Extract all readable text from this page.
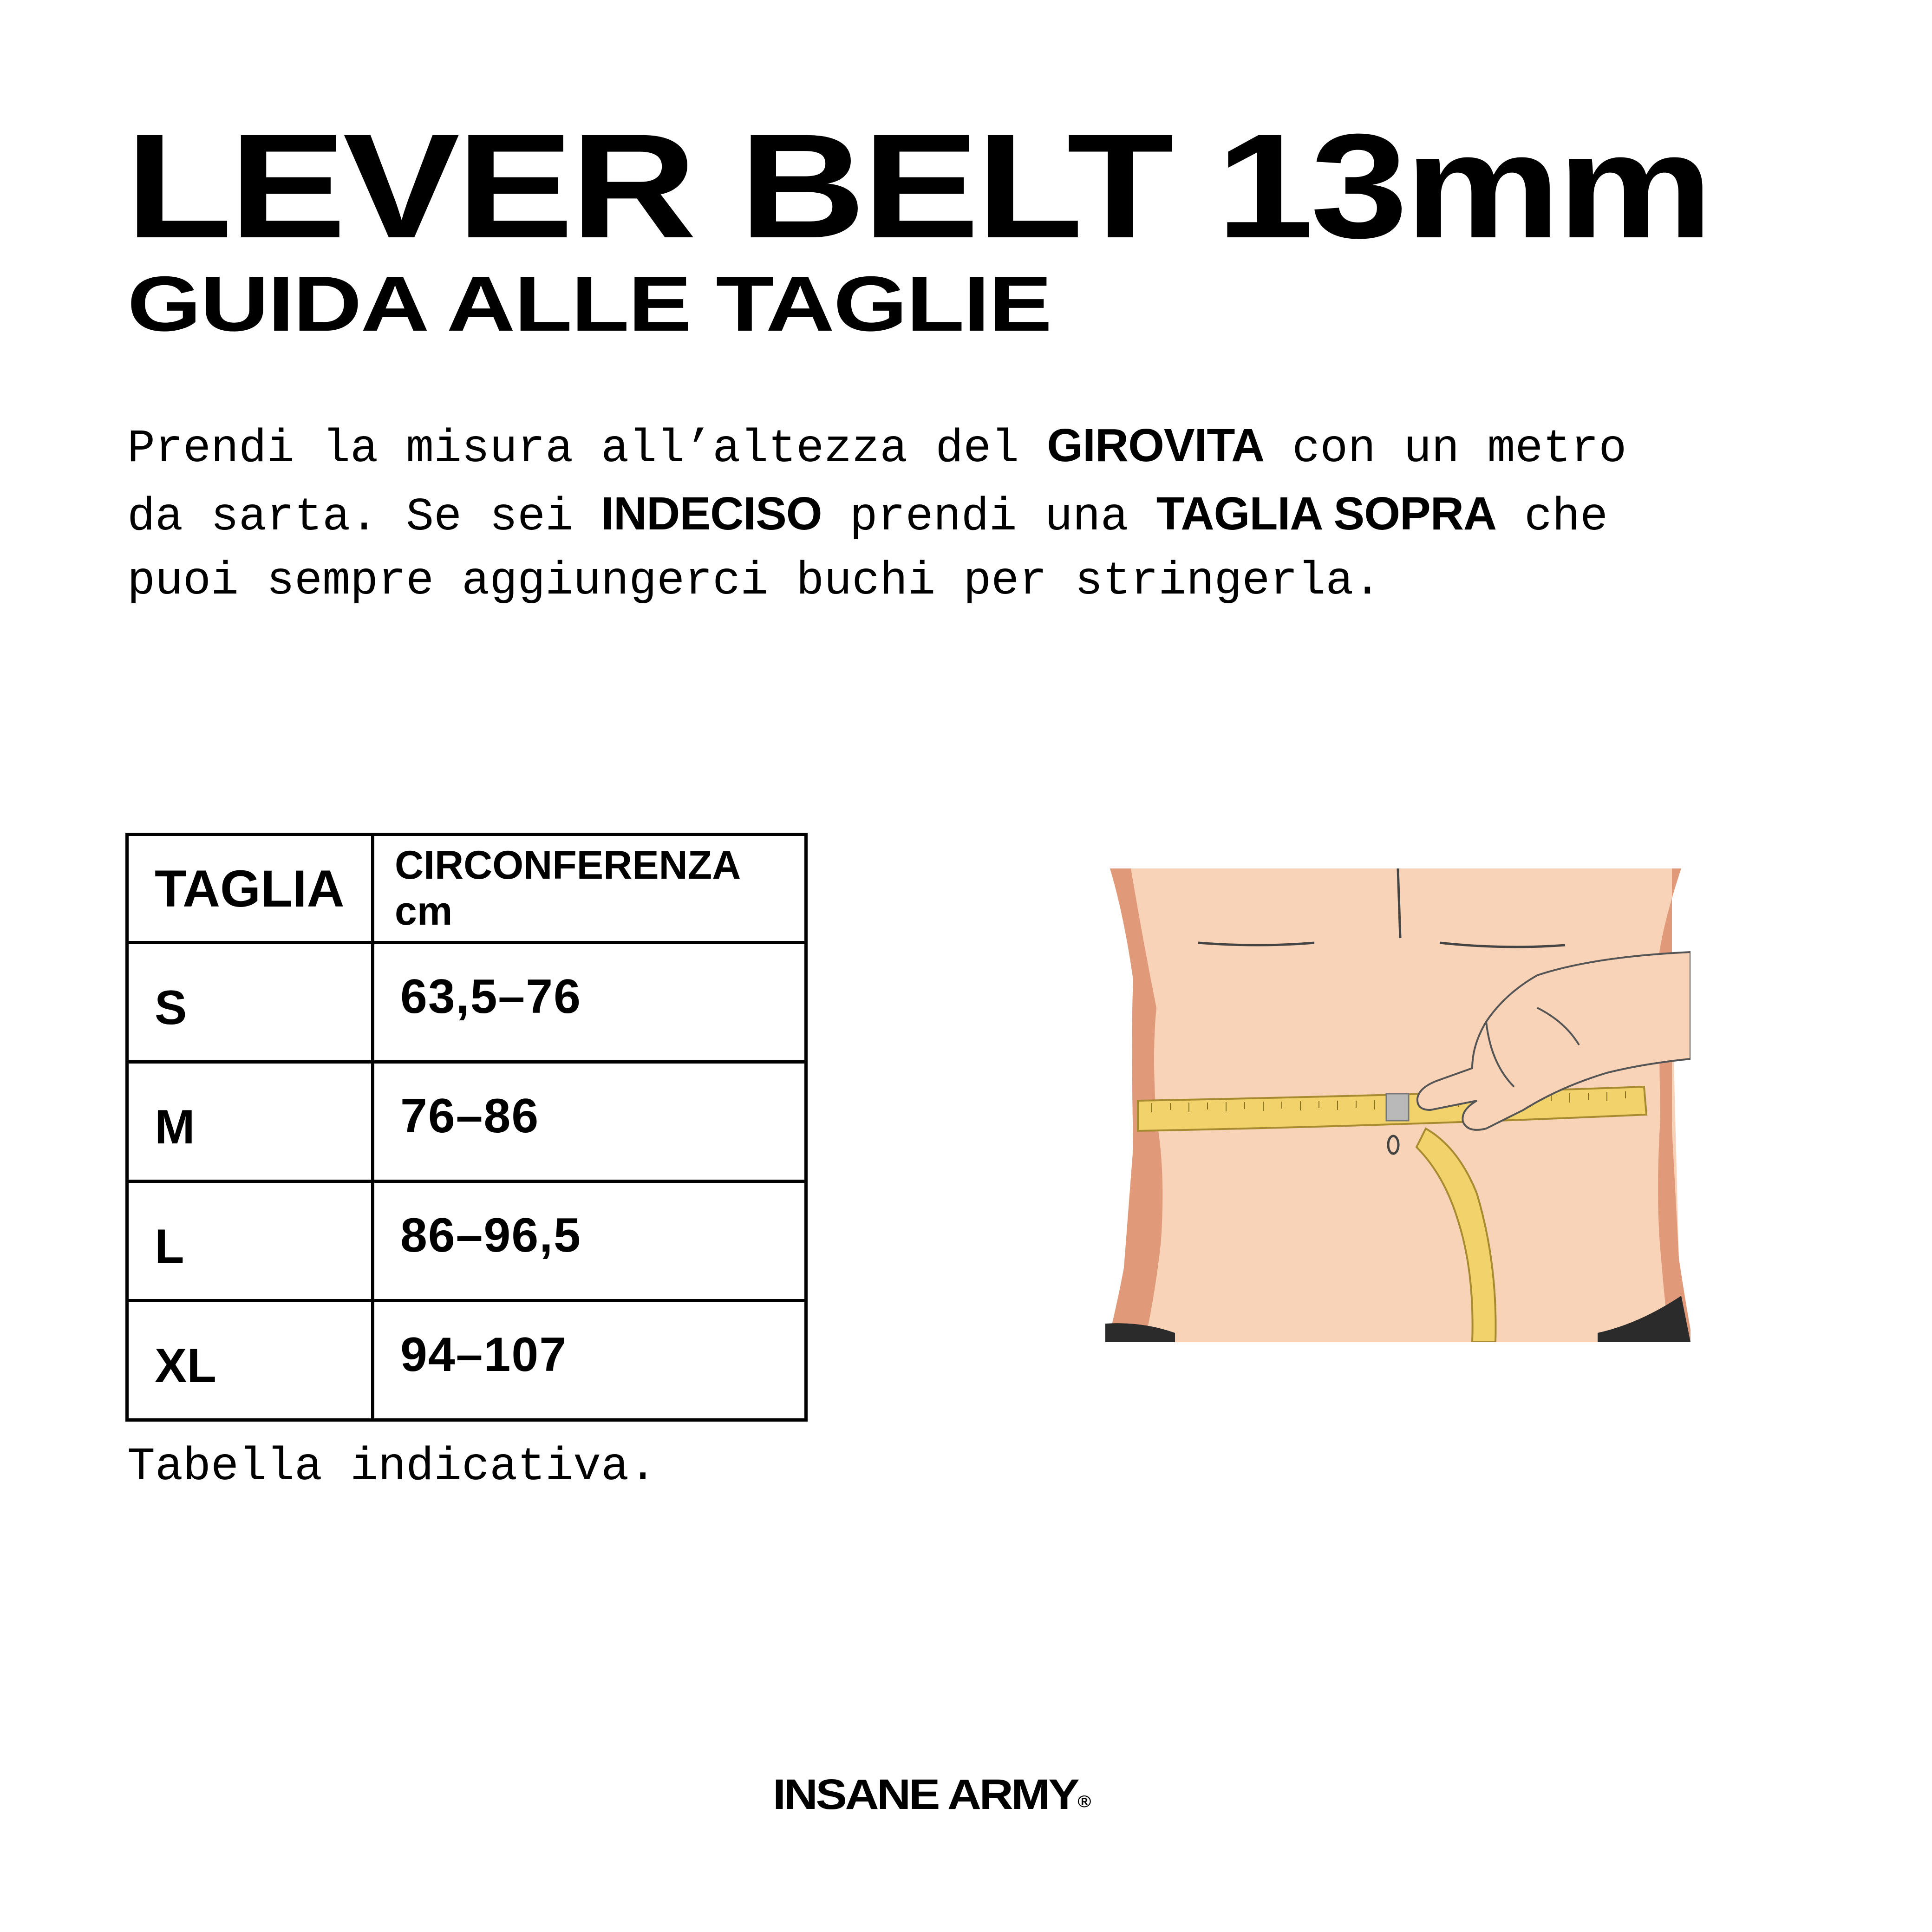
LEVER BELT 13mm
GUIDA ALLE TAGLIE

Prendi la misura all’altezza del GIROVITA con un metro
da sarta. Se sei INDECISO prendi una TAGLIA SOPRA che
puoi sempre aggiungerci buchi per stringerla.

TAGLIA	CIRCONFERENZA cm
S	63,5–76
M	76–86
L	86–96,5
XL	94–107

Tabella indicativa.

INSANE ARMY®
